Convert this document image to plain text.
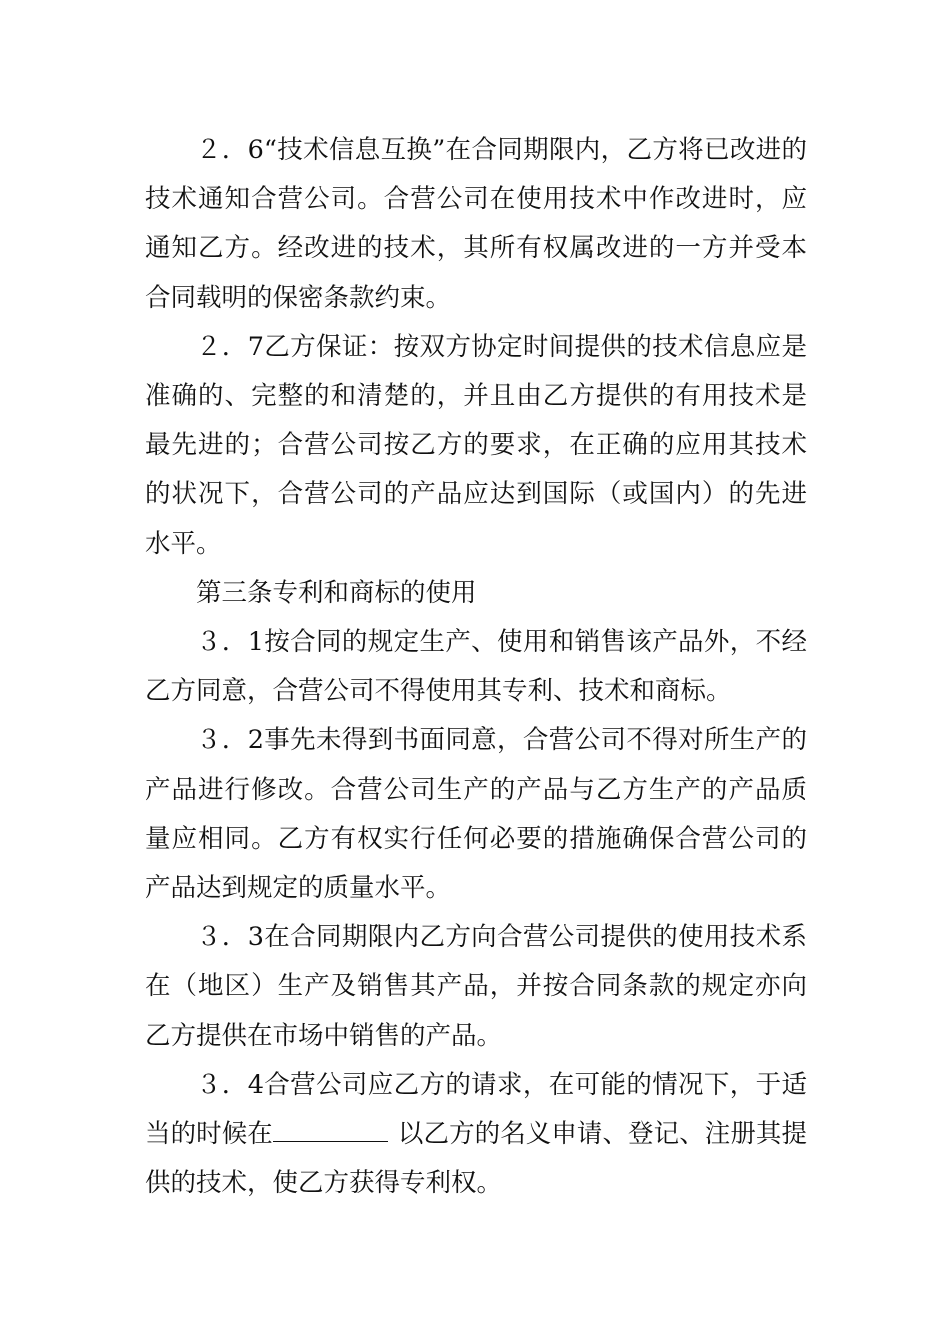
２．6“技术信息互换”在合同期限内，乙方将已改进的技术通知合营公司。合营公司在使用技术中作改进时，应通知乙方。经改进的技术，其所有权属改进的一方并受本合同载明的保密条款约束。

２．7乙方保证：按双方协定时间提供的技术信息应是准确的、完整的和清楚的，并且由乙方提供的有用技术是最先进的；合营公司按乙方的要求，在正确的应用其技术的状况下，合营公司的产品应达到国际（或国内）的先进水平。

第三条专利和商标的使用

３．1按合同的规定生产、使用和销售该产品外，不经乙方同意，合营公司不得使用其专利、技术和商标。

３．2事先未得到书面同意，合营公司不得对所生产的产品进行修改。合营公司生产的产品与乙方生产的产品质量应相同。乙方有权实行任何必要的措施确保合营公司的产品达到规定的质量水平。

３．3在合同期限内乙方向合营公司提供的使用技术系在（地区）生产及销售其产品，并按合同条款的规定亦向乙方提供在市场中销售的产品。

３．4合营公司应乙方的请求，在可能的情况下，于适当的时候在	以乙方的名义申请、登记、注册其提供的技术，使乙方获得专利权。
